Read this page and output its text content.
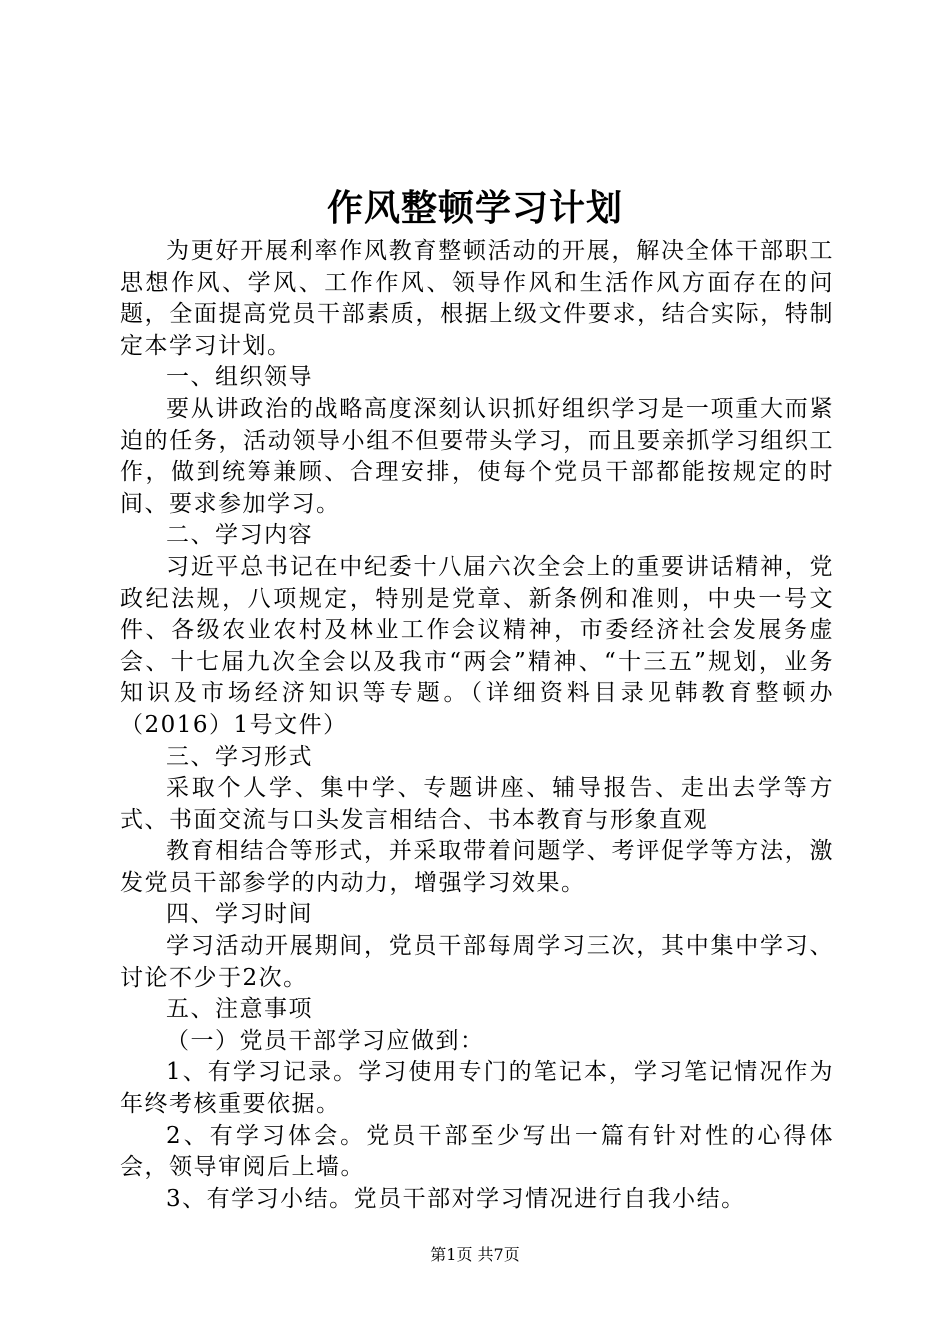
作风整顿学习计划

为更好开展利率作风教育整顿活动的开展，解决全体干部职工思想作风、学风、工作作风、领导作风和生活作风方面存在的问题，全面提高党员干部素质，根据上级文件要求，结合实际，特制定本学习计划。

一、组织领导

要从讲政治的战略高度深刻认识抓好组织学习是一项重大而紧迫的任务，活动领导小组不但要带头学习，而且要亲抓学习组织工作，做到统筹兼顾、合理安排，使每个党员干部都能按规定的时间、要求参加学习。

二、学习内容

习近平总书记在中纪委十八届六次全会上的重要讲话精神，党政纪法规，八项规定，特别是党章、新条例和准则，中央一号文件、各级农业农村及林业工作会议精神，市委经济社会发展务虚会、十七届九次全会以及我市“两会”精神、“十三五”规划，业务知识及市场经济知识等专题。（详细资料目录见韩教育整顿办（2016）1号文件）

三、学习形式

采取个人学、集中学、专题讲座、辅导报告、走出去学等方式、书面交流与口头发言相结合、书本教育与形象直观

教育相结合等形式，并采取带着问题学、考评促学等方法，激发党员干部参学的内动力，增强学习效果。

四、学习时间

学习活动开展期间，党员干部每周学习三次，其中集中学习、讨论不少于2次。

五、注意事项

（一）党员干部学习应做到：

1、有学习记录。学习使用专门的笔记本，学习笔记情况作为年终考核重要依据。

2、有学习体会。党员干部至少写出一篇有针对性的心得体会，领导审阅后上墙。

3、有学习小结。党员干部对学习情况进行自我小结。

第1页 共7页
